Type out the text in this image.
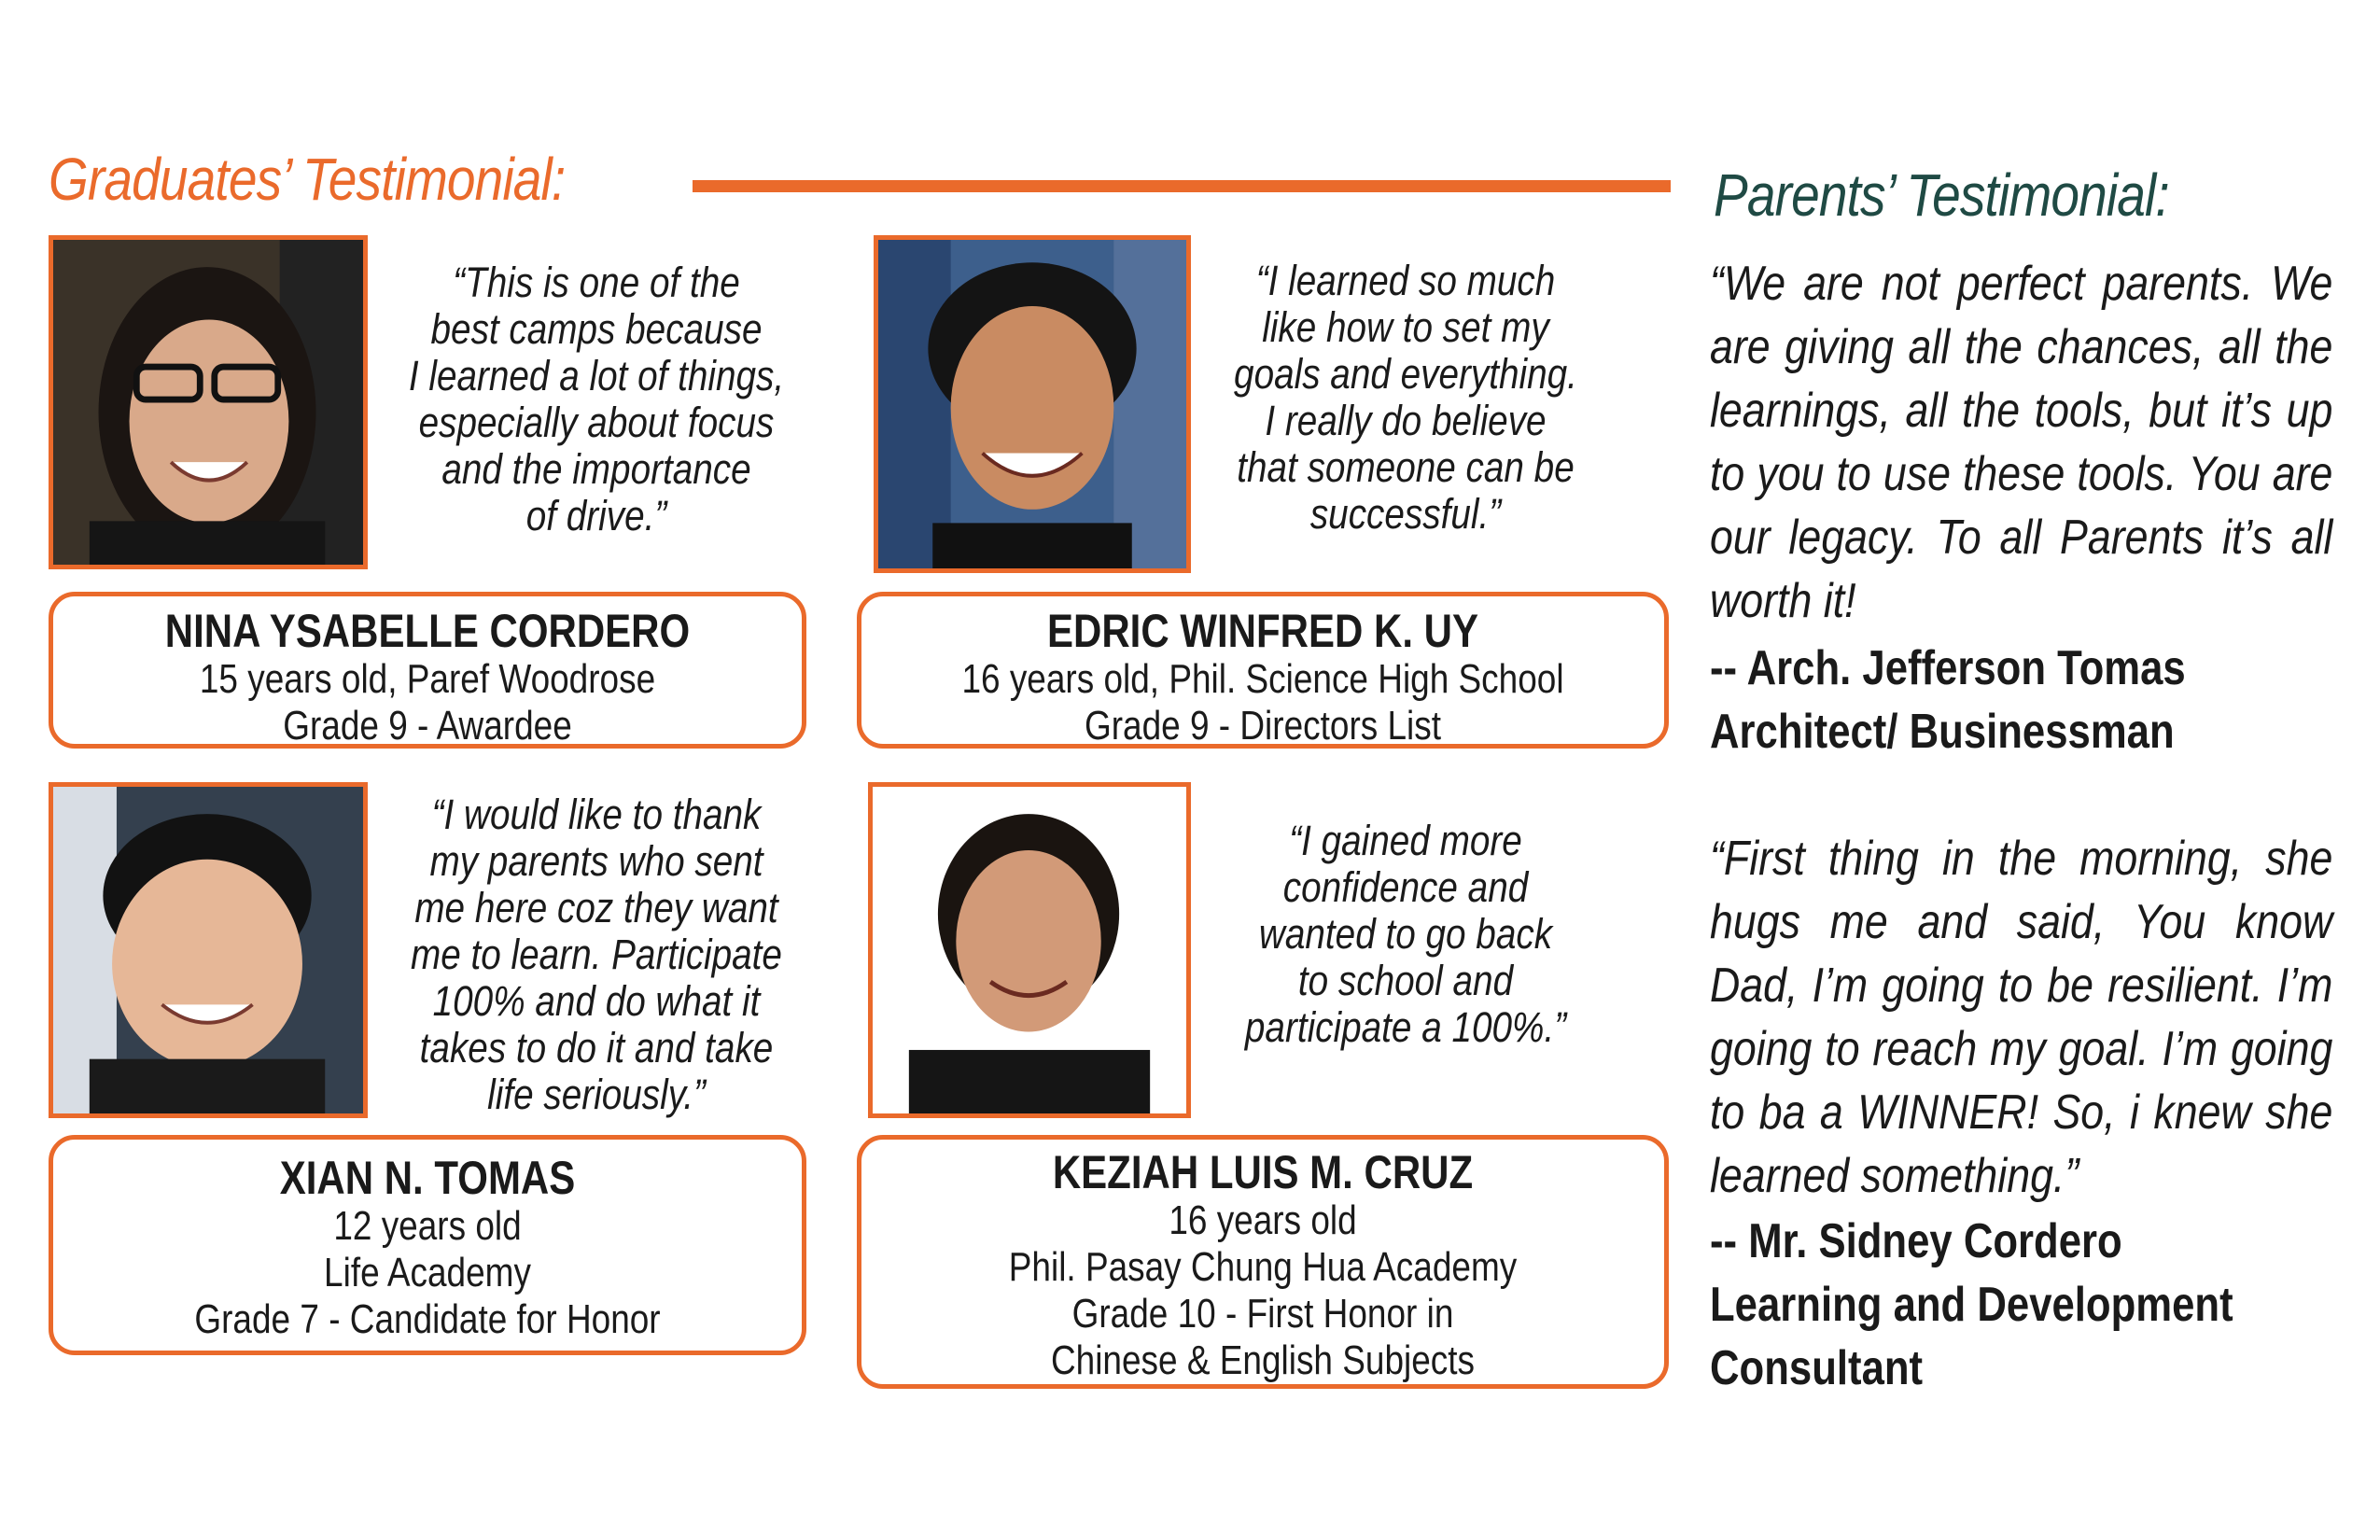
Graduates’ Testimonial:	Parents’ Testimonial:
“This is one of the
best camps because
I learned a lot of things,
especially about focus
and the importance
of drive.”
NINA YSABELLE CORDERO
15 years old, Paref Woodrose
Grade 9 - Awardee
“I learned so much
like how to set my
goals and everything.
I really do believe
that someone can be
successful.”
EDRIC WINFRED K. UY
16 years old, Phil. Science High School
Grade 9 - Directors List
“I would like to thank
my parents who sent
me here coz they want
me to learn. Participate
100% and do what it
takes to do it and take
life seriously.”
XIAN N. TOMAS
12 years old
Life Academy
Grade 7 - Candidate for Honor
“I gained more
confidence and
wanted to go back
to school and
participate a 100%.”
KEZIAH LUIS M. CRUZ
16 years old
Phil. Pasay Chung Hua Academy
Grade 10 - First Honor in
Chinese & English Subjects
“We are not perfect parents. We are giving all the chances, all the learnings, all the tools, but it’s up to you to use these tools. You are our legacy. To all Parents it’s all worth it!
-- Arch. Jefferson Tomas
Architect/ Businessman
“First thing in the morning, she hugs me and said, You know Dad, I’m going to be resilient. I’m going to reach my goal. I’m going to ba a WINNER! So, i knew she learned something.”
-- Mr. Sidney Cordero
Learning and Development Consultant
